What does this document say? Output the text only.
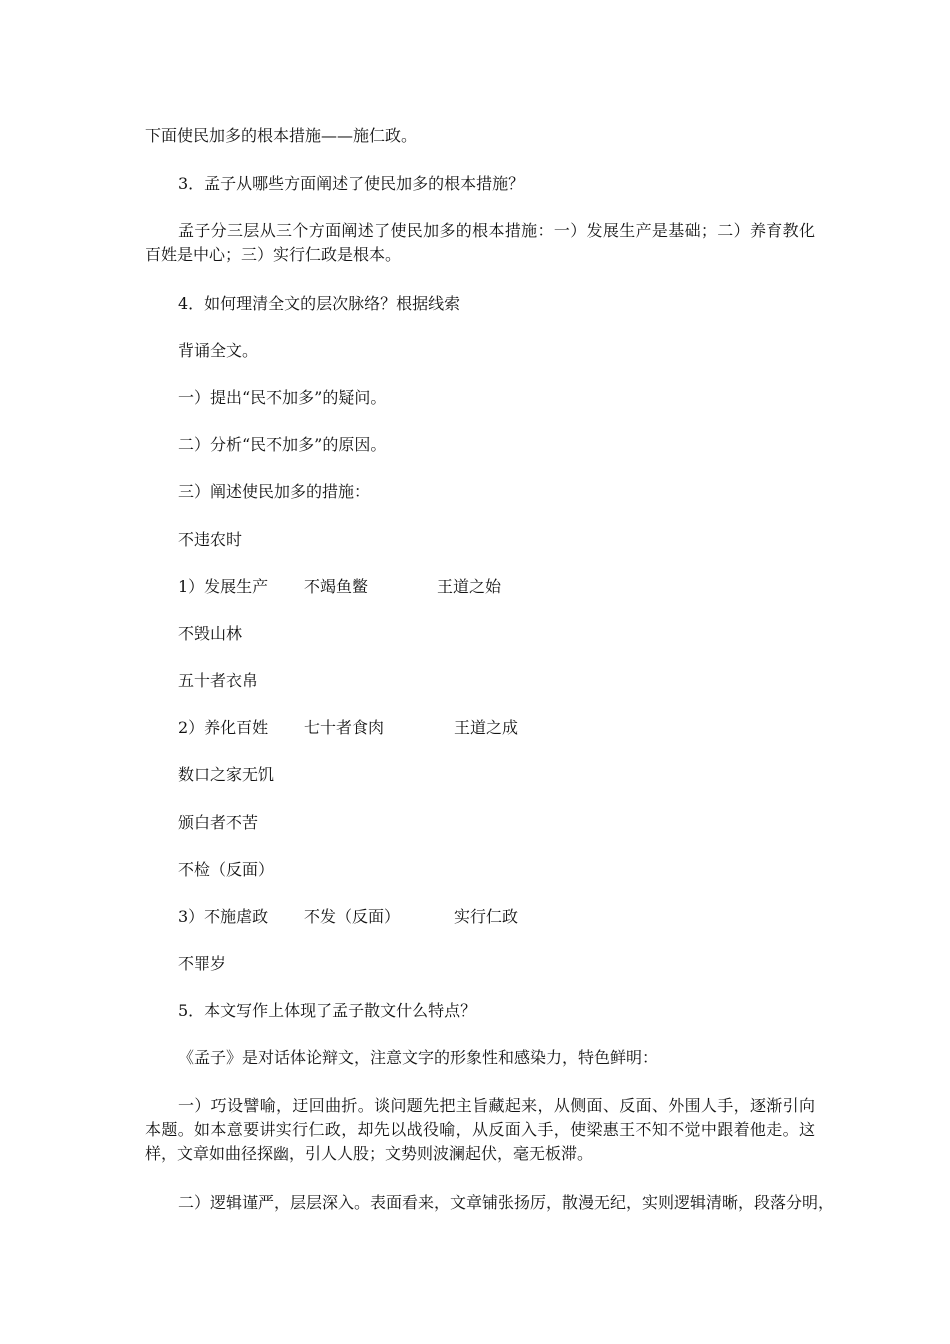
下面使民加多的根本措施——施仁政。
3．孟子从哪些方面阐述了使民加多的根本措施？
孟子分三层从三个方面阐述了使民加多的根本措施：一）发展生产是基础；二）养育教化百姓是中心；三）实行仁政是根本。
4．如何理清全文的层次脉络？根据线索
背诵全文。
一）提出“民不加多”的疑问。
二）分析“民不加多”的原因。
三）阐述使民加多的措施：
不违农时
1）发展生产 不竭鱼鳖	王道之始
不毁山林
五十者衣帛
2）养化百姓 七十者食肉	王道之成
数口之家无饥
颁白者不苦
不检（反面）
3）不施虐政 不发（反面）	实行仁政
不罪岁
5．本文写作上体现了孟子散文什么特点？
《孟子》是对话体论辩文，注意文字的形象性和感染力，特色鲜明：
一）巧设譬喻，迂回曲折。谈问题先把主旨藏起来，从侧面、反面、外围人手，逐渐引向本题。如本意要讲实行仁政，却先以战役喻，从反面入手，使梁惠王不知不觉中跟着他走。这样，文章如曲径探幽，引人人股；文势则波澜起伏，毫无板滞。
二）逻辑谨严，层层深入。表面看来，文章铺张扬厉，散漫无纪，实则逻辑清晰，段落分明，
